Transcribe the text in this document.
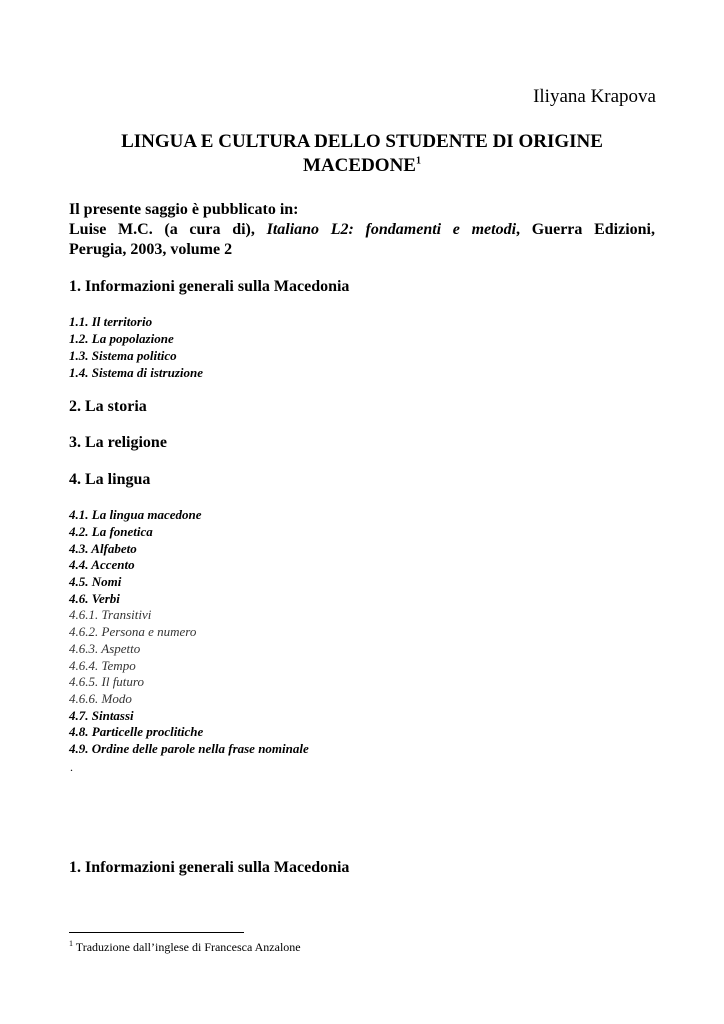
Iliyana Krapova
LINGUA E CULTURA DELLO STUDENTE DI ORIGINE
MACEDONE$^1$
Il presente saggio è pubblicato in:
Luise M.C. (a cura di), Italiano L2: fondamenti e metodi, Guerra Edizioni,
Perugia, 2003, volume 2
1. Informazioni generali sulla Macedonia
1.1. Il territorio
1.2. La popolazione
1.3. Sistema politico
1.4. Sistema di istruzione
2. La storia
3. La religione
4. La lingua
4.1. La lingua macedone
4.2. La fonetica
4.3. Alfabeto
4.4. Accento
4.5. Nomi
4.6. Verbi
4.6.1. Transitivi
4.6.2. Persona e numero
4.6.3. Aspetto
4.6.4. Tempo
4.6.5. Il futuro
4.6.6. Modo
4.7. Sintassi
4.8. Particelle proclitiche
4.9. Ordine delle parole nella frase nominale
.
1. Informazioni generali sulla Macedonia
$^1$ Traduzione dall’inglese di Francesca Anzalone
